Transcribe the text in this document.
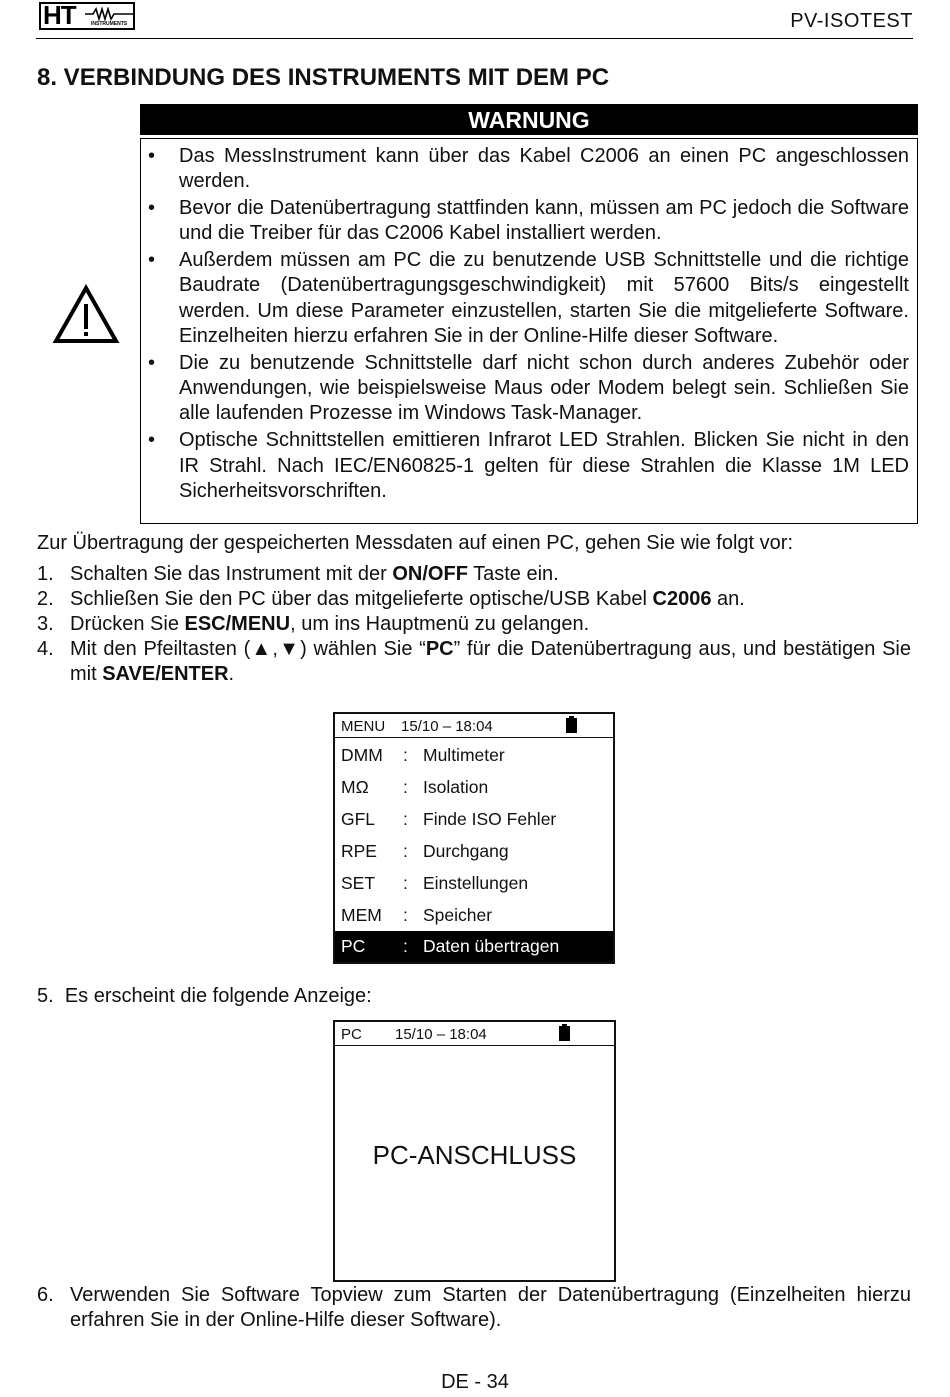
HT	INSTRUMENTS	PV-ISOTEST
8. VERBINDUNG DES INSTRUMENTS MIT DEM PC
WARNUNG
• Das MessInstrument kann über das Kabel C2006 an einen PC angeschlossen werden.
• Bevor die Datenübertragung stattfinden kann, müssen am PC jedoch die Software und die Treiber für das C2006 Kabel installiert werden.
• Außerdem müssen am PC die zu benutzende USB Schnittstelle und die richtige Baudrate (Datenübertragungsgeschwindigkeit) mit 57600 Bits/s eingestellt werden. Um diese Parameter einzustellen, starten Sie die mitgelieferte Software. Einzelheiten hierzu erfahren Sie in der Online-Hilfe dieser Software.
• Die zu benutzende Schnittstelle darf nicht schon durch anderes Zubehör oder Anwendungen, wie beispielsweise Maus oder Modem belegt sein. Schließen Sie alle laufenden Prozesse im Windows Task-Manager.
• Optische Schnittstellen emittieren Infrarot LED Strahlen. Blicken Sie nicht in den IR Strahl. Nach IEC/EN60825-1 gelten für diese Strahlen die Klasse 1M LED Sicherheitsvorschriften.

Zur Übertragung der gespeicherten Messdaten auf einen PC, gehen Sie wie folgt vor:

1. Schalten Sie das Instrument mit der ON/OFF Taste ein.
2. Schließen Sie den PC über das mitgelieferte optische/USB Kabel C2006 an.
3. Drücken Sie ESC/MENU, um ins Hauptmenü zu gelangen.
4. Mit den Pfeiltasten (▲,▼) wählen Sie “PC” für die Datenübertragung aus, und bestätigen Sie mit SAVE/ENTER.
MENU 15/10 – 18:04
DMM : Multimeter
MΩ : Isolation
GFL : Finde ISO Fehler
RPE : Durchgang
SET : Einstellungen
MEM : Speicher
PC : Daten übertragen

5. Es erscheint die folgende Anzeige:

PC 15/10 – 18:04
PC-ANSCHLUSS
6. Verwenden Sie Software Topview zum Starten der Datenübertragung (Einzelheiten hierzu erfahren Sie in der Online-Hilfe dieser Software).
DE - 34
